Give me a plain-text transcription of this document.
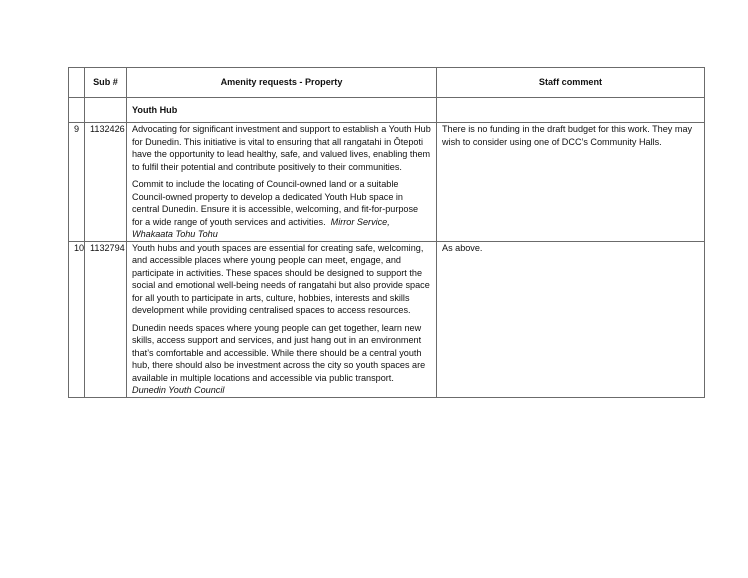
	Sub #	Amenity requests - Property	Staff comment
		Youth Hub	
9	1132426	Advocating for significant investment and support to establish a Youth Hub for Dunedin. This initiative is vital to ensuring that all rangatahi in Ōtepoti have the opportunity to lead healthy, safe, and valued lives, enabling them to fulfil their potential and contribute positively to their communities.

Commit to include the locating of Council-owned land or a suitable Council-owned property to develop a dedicated Youth Hub space in central Dunedin. Ensure it is accessible, welcoming, and fit-for-purpose for a wide range of youth services and activities. Mirror Service, Whakaata Tohu Tohu	There is no funding in the draft budget for this work. They may wish to consider using one of DCC’s Community Halls.
10	1132794	Youth hubs and youth spaces are essential for creating safe, welcoming, and accessible places where young people can meet, engage, and participate in activities. These spaces should be designed to support the social and emotional well-being needs of rangatahi but also provide space for all youth to participate in arts, culture, hobbies, interests and skills development while providing centralised spaces to access resources.

Dunedin needs spaces where young people can get together, learn new skills, access support and services, and just hang out in an environment that’s comfortable and accessible. While there should be a central youth hub, there should also be investment across the city so youth spaces are available in multiple locations and accessible via public transport.
Dunedin Youth Council	As above.
